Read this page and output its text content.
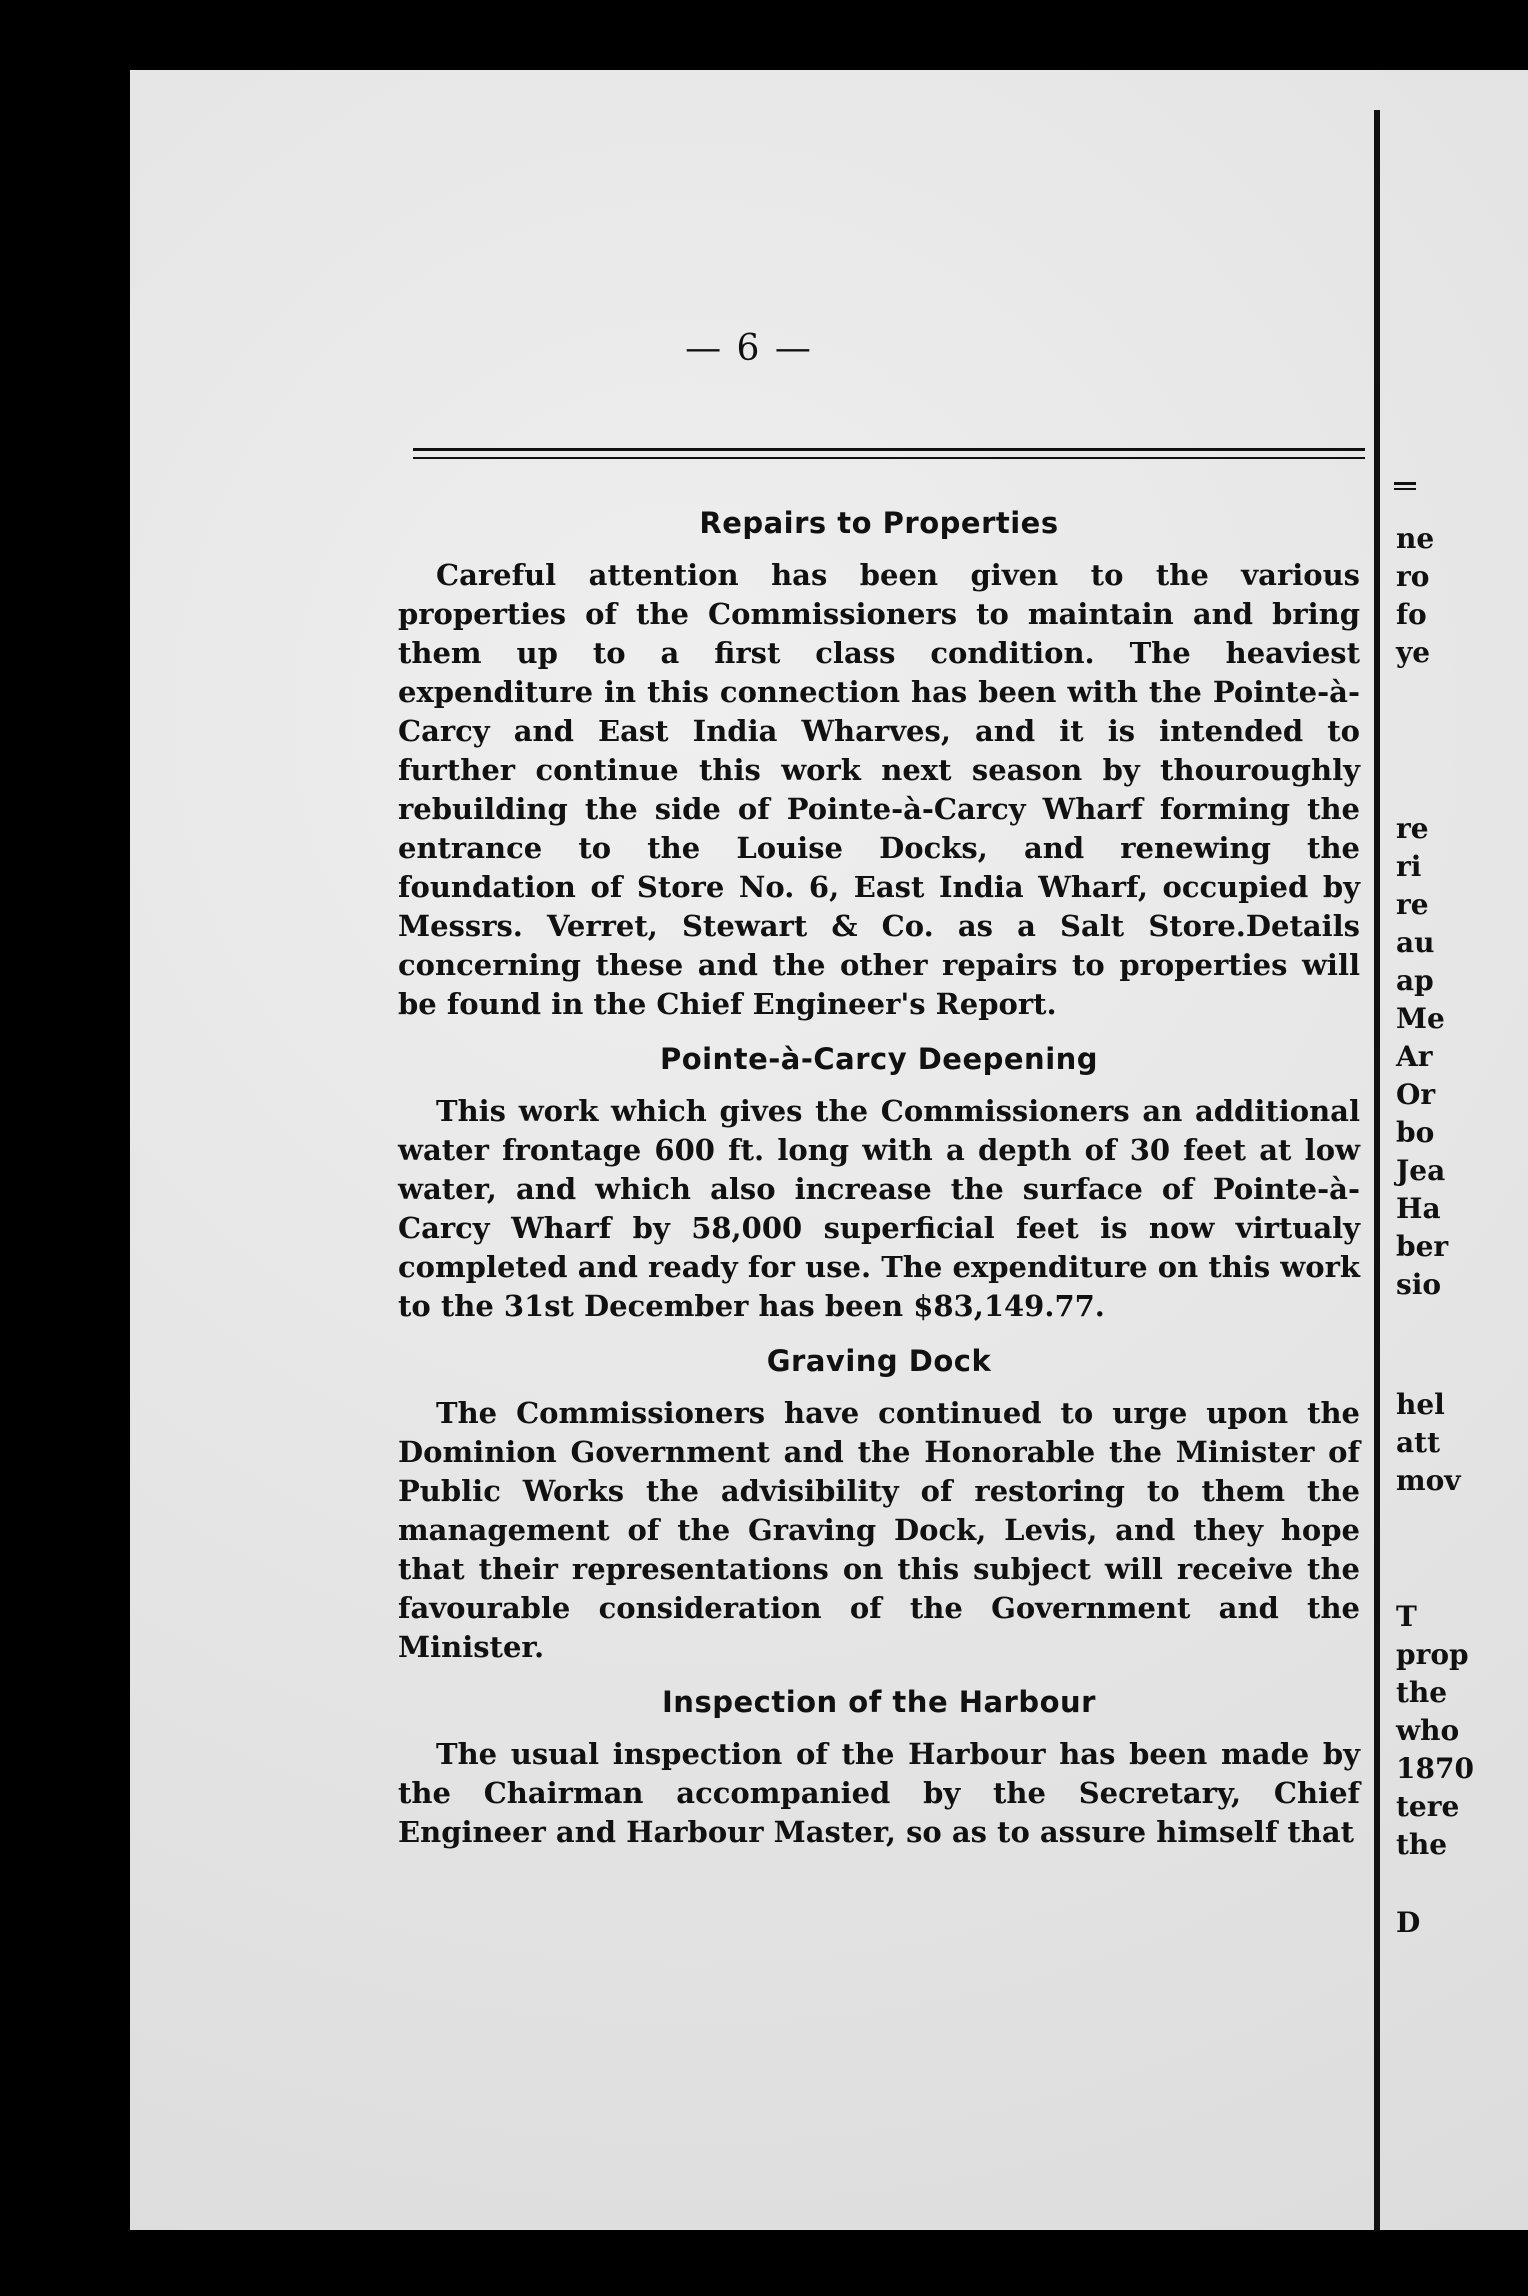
— 6 —
Repairs to Properties

Careful attention has been given to the various properties of the Commissioners to maintain and bring them up to a first class condition. The heaviest expenditure in this connection has been with the Pointe-à-Carcy and East India Wharves, and it is intended to further continue this work next season by thouroughly rebuilding the side of Pointe-à-Carcy Wharf forming the entrance to the Louise Docks, and renewing the foundation of Store No. 6, East India Wharf, occupied by Messrs. Verret, Stewart & Co. as a Salt Store.Details concerning these and the other repairs to properties will be found in the Chief Engineer's Report.

Pointe-à-Carcy Deepening

This work which gives the Commissioners an additional water frontage 600 ft. long with a depth of 30 feet at low water, and which also increase the surface of Pointe-à-Carcy Wharf by 58,000 superficial feet is now virtualy completed and ready for use. The expenditure on this work to the 31st December has been $83,149.77.

Graving Dock

The Commissioners have continued to urge upon the Dominion Government and the Honorable the Minister of Public Works the advisibility of restoring to them the management of the Graving Dock, Levis, and they hope that their representations on this subject will receive the favourable consideration of the Government and the Minister.

Inspection of the Harbour

The usual inspection of the Harbour has been made by the Chairman accompanied by the Secretary, Chief Engineer and Harbour Master, so as to assure himself that

ne
ro
fo
ye
re
ri
re
au
ap
Me
Ar
Or
bo
Jea
Ha
ber
sio
hel
att
mov
T
prop
the
who
1870
tere
the
D
